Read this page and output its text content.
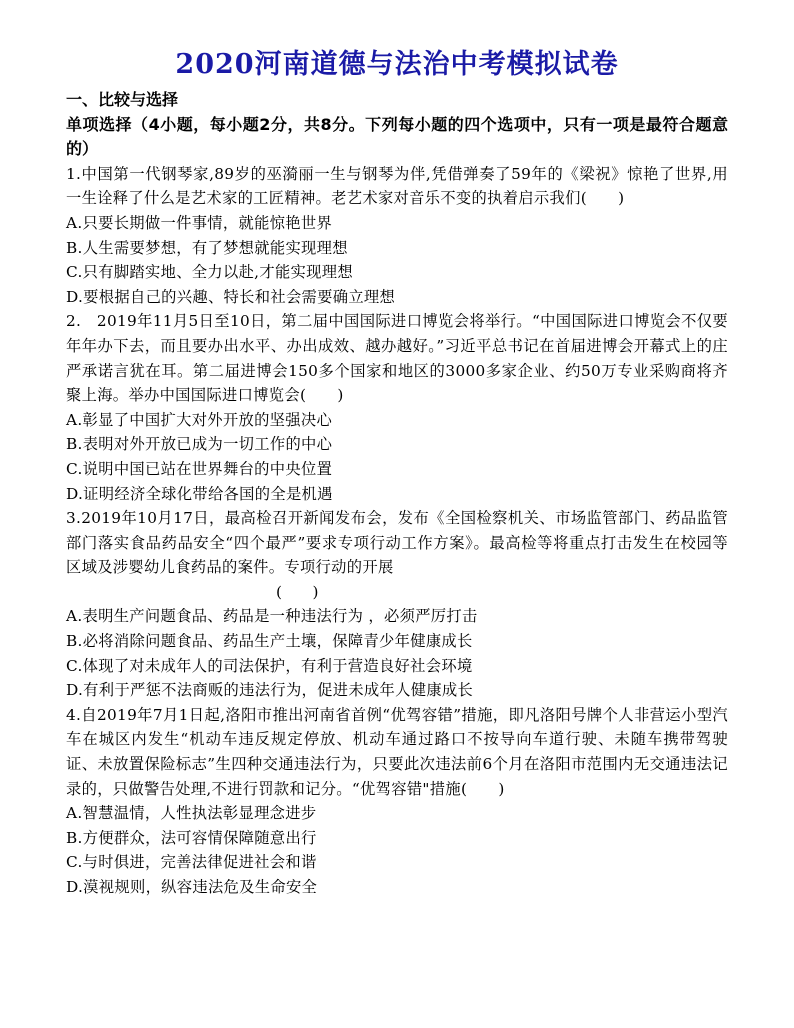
2020河南道德与法治中考模拟试卷

一、比较与选择

单项选择（4小题，每小题2分，共8分。下列每小题的四个选项中，只有一项是最符合题意的）

1.中国第一代钢琴家,89岁的巫漪丽一生与钢琴为伴,凭借弹奏了59年的《梁祝》惊艳了世界,用一生诠释了什么是艺术家的工匠精神。老艺术家对音乐不变的执着启示我们(　　)

A.只要长期做一件事情，就能惊艳世界

B.人生需要梦想，有了梦想就能实现理想

C.只有脚踏实地、全力以赴,才能实现理想

D.要根据自己的兴趣、特长和社会需要确立理想

2.　2019年11月5日至10日，第二届中国国际进口博览会将举行。“中国国际进口博览会不仅要年年办下去，而且要办出水平、办出成效、越办越好。”习近平总书记在首届进博会开幕式上的庄严承诺言犹在耳。第二届进博会150多个国家和地区的3000多家企业、约50万专业采购商将齐聚上海。举办中国国际进口博览会(　　)

A.彰显了中国扩大对外开放的坚强决心

B.表明对外开放已成为一切工作的中心

C.说明中国已站在世界舞台的中央位置

D.证明经济全球化带给各国的全是机遇

3.2019年10月17日，最高检召开新闻发布会，发布《全国检察机关、市场监管部门、药品监管部门落实食品药品安全“四个最严”要求专项行动工作方案》。最高检等将重点打击发生在校园等区域及涉婴幼儿食药品的案件。专项行动的开展

(　　)

A.表明生产问题食品、药品是一种违法行为 ，必须严厉打击

B.必将消除问题食品、药品生产土壤，保障青少年健康成长

C.体现了对未成年人的司法保护，有利于营造良好社会环境

D.有利于严惩不法商贩的违法行为，促进未成年人健康成长

4.自2019年7月1日起,洛阳市推出河南省首例“优驾容错”措施，即凡洛阳号牌个人非营运小型汽车在城区内发生“机动车违反规定停放、机动车通过路口不按导向车道行驶、未随车携带驾驶证、未放置保险标志”生四种交通违法行为，只要此次违法前6个月在洛阳市范围内无交通违法记录的，只做警告处理,不进行罚款和记分。“优驾容错"措施(　　)

A.智慧温情，人性执法彰显理念进步

B.方便群众，法可容情保障随意出行

C.与时俱进，完善法律促进社会和谐

D.漠视规则，纵容违法危及生命安全
